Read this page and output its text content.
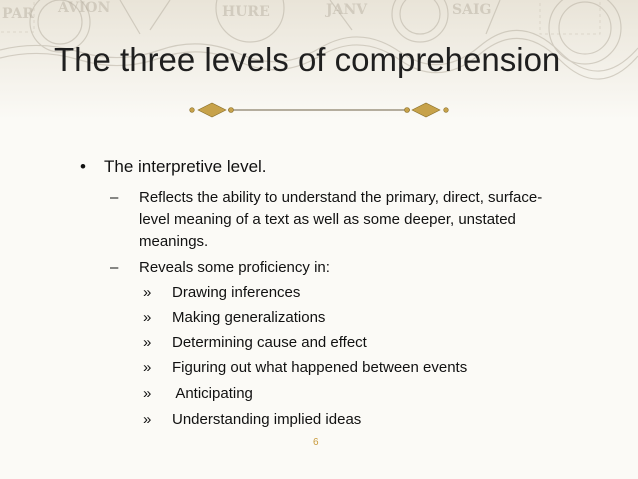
PAR AVION	HURE	JANV	SAIG
The three levels of comprehension
• The interpretive level.
– Reflects the ability to understand the primary, direct, surface-
level meaning of a text as well as some deeper, unstated
meanings.
– Reveals some proficiency in:
» Drawing inferences
» Making generalizations
» Determining cause and effect
» Figuring out what happened between events
» Anticipating
» Understanding implied ideas
6
